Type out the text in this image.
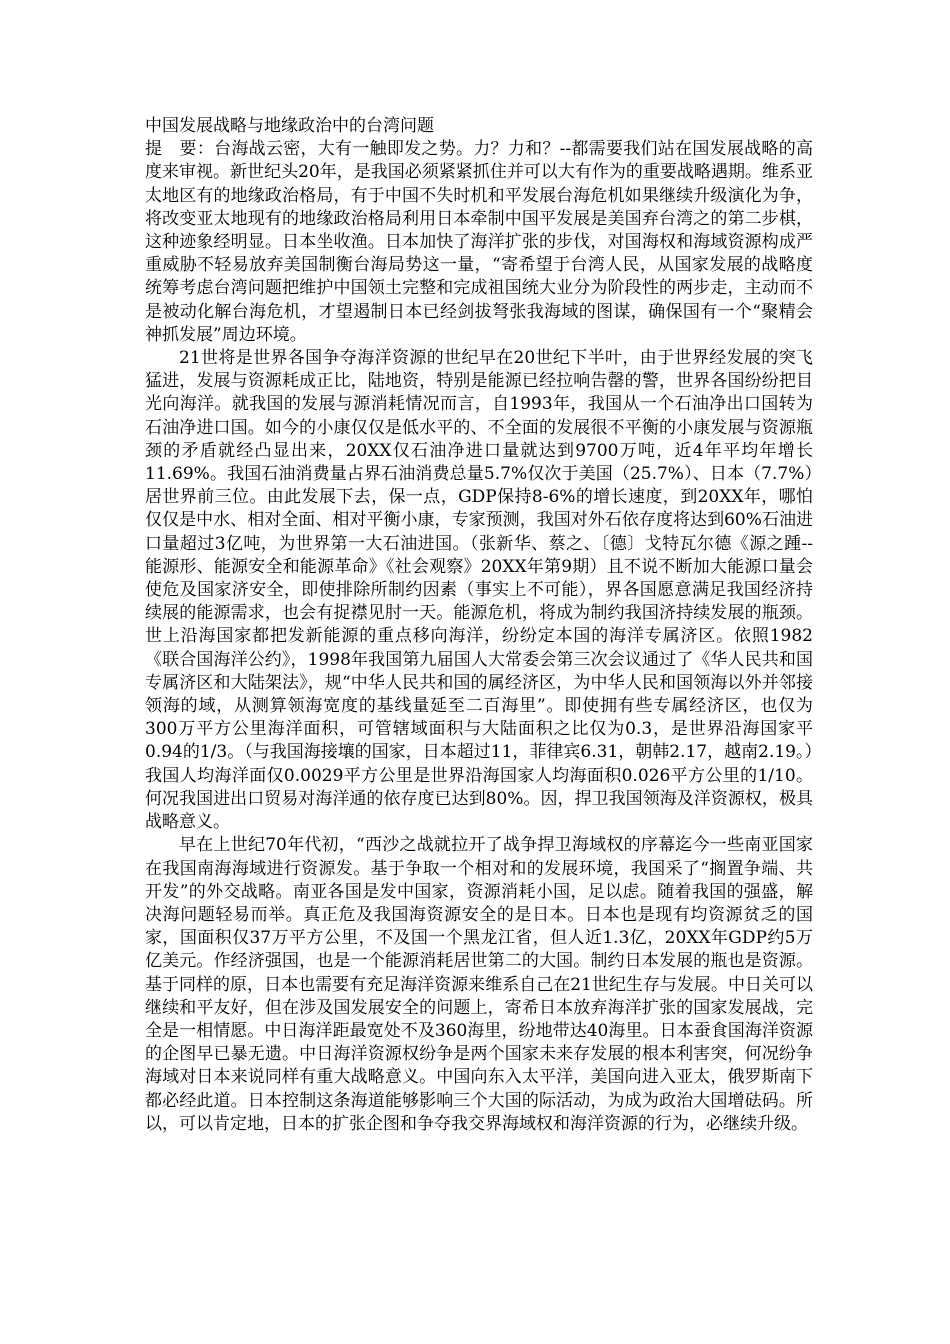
中国发展战略与地缘政治中的台湾问题

提　要：台海战云密，大有一触即发之势。力？力和？--都需要我们站在国发展战略的高度来审视。新世纪头20年，是我国必须紧紧抓住并可以大有作为的重要战略遇期。维系亚太地区有的地缘政治格局，有于中国不失时机和平发展台海危机如果继续升级演化为争，将改变亚太地现有的地缘政治格局利用日本牵制中国平发展是美国弃台湾之的第二步棋，这种迹象经明显。日本坐收渔。日本加快了海洋扩张的步伐，对国海权和海域资源构成严重威胁不轻易放弃美国制衡台海局势这一量，“寄希望于台湾人民，从国家发展的战略度统筹考虑台湾问题把维护中国领土完整和完成祖国统大业分为阶段性的两步走，主动而不是被动化解台海危机，才望遏制日本已经剑拔弩张我海域的图谋，确保国有一个“聚精会神抓发展”周边环境。

21世将是世界各国争夺海洋资源的世纪早在20世纪下半叶，由于世界经发展的突飞猛进，发展与资源耗成正比，陆地资，特别是能源已经拉响告罄的警，世界各国纷纷把目光向海洋。就我国的发展与源消耗情况而言，自1993年，我国从一个石油净出口国转为石油净进口国。如今的小康仅仅是低水平的、不全面的发展很不平衡的小康发展与资源瓶颈的矛盾就经凸显出来，20XX仅石油净进口量就达到9700万吨，近4年平均年增长11.69%。我国石油消费量占界石油消费总量5.7%仅次于美国（25.7%）、日本（7.7%）居世界前三位。由此发展下去，保一点，GDP保持8-6%的增长速度，到20XX年，哪怕仅仅是中水、相对全面、相对平衡小康，专家预测，我国对外石依存度将达到60%石油进口量超过3亿吨，为世界第一大石油进国。（张新华、蔡之、〔德〕戈特瓦尔德《源之踵--能源形、能源安全和能源革命》《社会观察》20XX年第9期）且不说不断加大能源口量会使危及国家济安全，即使排除所制约因素（事实上不可能），界各国愿意满足我国经济持续展的能源需求，也会有捉襟见肘一天。能源危机，将成为制约我国济持续发展的瓶颈。世上沿海国家都把发新能源的重点移向海洋，纷纷定本国的海洋专属济区。依照1982《联合国海洋公约》，1998年我国第九届国人大常委会第三次会议通过了《华人民共和国专属济区和大陆架法》，规“中华人民共和国的属经济区，为中华人民和国领海以外并邻接领海的域，从测算领海宽度的基线量延至二百海里”。即使拥有些专属经济区，也仅为300万平方公里海洋面积，可管辖域面积与大陆面积之比仅为0.3，是世界沿海国家平0.94的1/3。（与我国海接壤的国家，日本超过11，菲律宾6.31，朝韩2.17，越南2.19。）我国人均海洋面仅0.0029平方公里是世界沿海国家人均海面积0.026平方公里的1/10。何况我国进出口贸易对海洋通的依存度已达到80%。因，捍卫我国领海及洋资源权，极具战略意义。

早在上世纪70年代初，“西沙之战就拉开了战争捍卫海域权的序幕迄今一些南亚国家在我国南海海域进行资源发。基于争取一个相对和的发展环境，我国采了“搁置争端、共开发”的外交战略。南亚各国是发中国家，资源消耗小国，足以虑。随着我国的强盛，解决海问题轻易而举。真正危及我国海资源安全的是日本。日本也是现有均资源贫乏的国家，国面积仅37万平方公里，不及国一个黑龙江省，但人近1.3亿，20XX年GDP约5万亿美元。作经济强国，也是一个能源消耗居世第二的大国。制约日本发展的瓶也是资源。基于同样的原，日本也需要有充足海洋资源来维系自己在21世纪生存与发展。中日关可以继续和平友好，但在涉及国发展安全的问题上，寄希日本放弃海洋扩张的国家发展战，完全是一相情愿。中日海洋距最宽处不及360海里，纷地带达40海里。日本蚕食国海洋资源的企图早已暴无遗。中日海洋资源权纷争是两个国家未来存发展的根本利害突，何况纷争海域对日本来说同样有重大战略意义。中国向东入太平洋，美国向进入亚太，俄罗斯南下都必经此道。日本控制这条海道能够影响三个大国的际活动，为成为政治大国增砝码。所以，可以肯定地，日本的扩张企图和争夺我交界海域权和海洋资源的行为，必继续升级。
